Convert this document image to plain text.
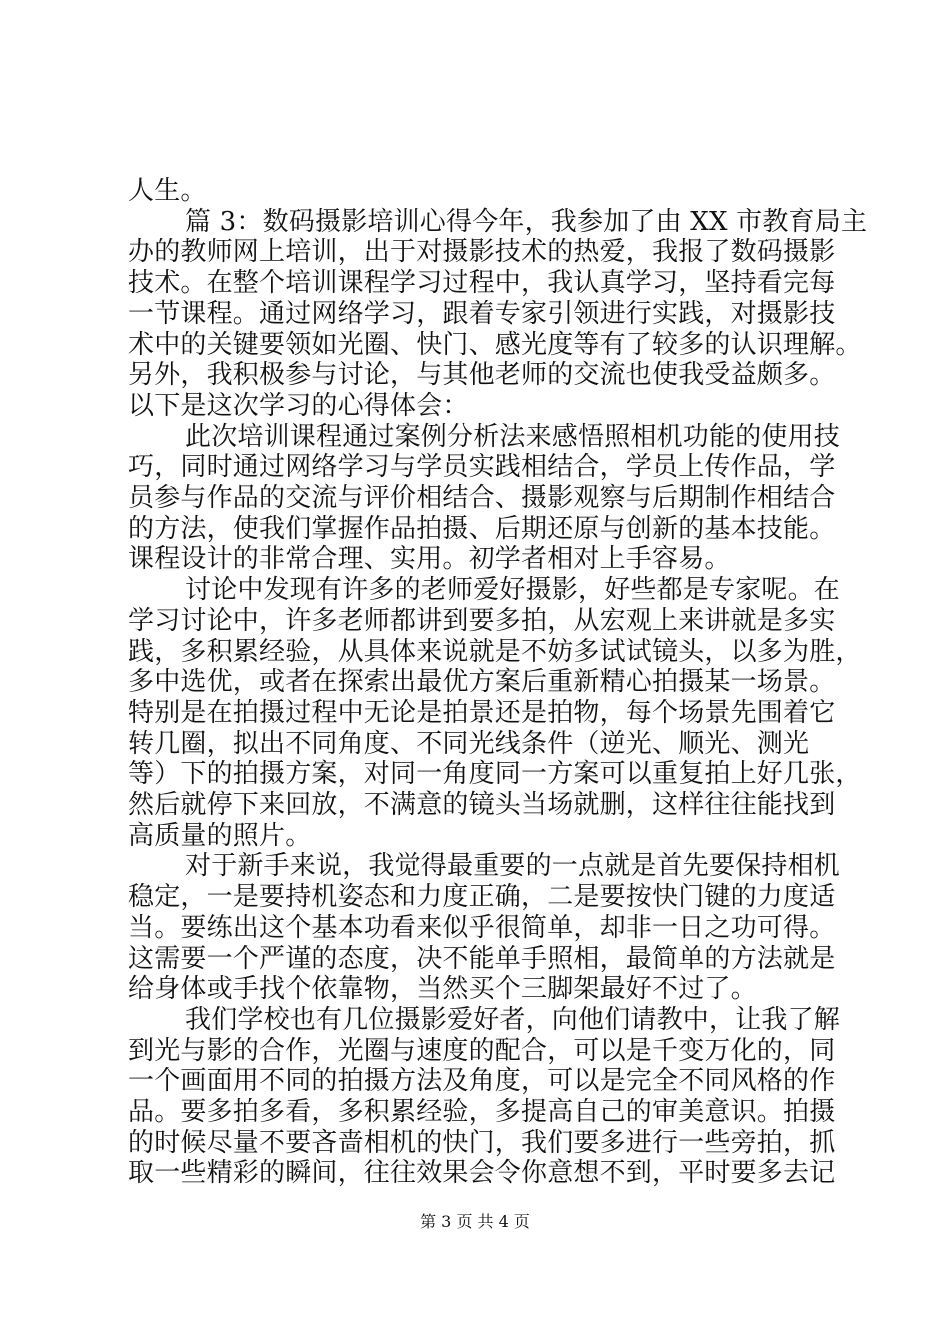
人生。
篇 3：数码摄影培训心得今年，我参加了由 XX 市教育局主
办的教师网上培训，出于对摄影技术的热爱，我报了数码摄影
技术。在整个培训课程学习过程中，我认真学习，坚持看完每
一节课程。通过网络学习，跟着专家引领进行实践，对摄影技
术中的关键要领如光圈、快门、感光度等有了较多的认识理解。
另外，我积极参与讨论，与其他老师的交流也使我受益颇多。
以下是这次学习的心得体会：
此次培训课程通过案例分析法来感悟照相机功能的使用技
巧，同时通过网络学习与学员实践相结合，学员上传作品，学
员参与作品的交流与评价相结合、摄影观察与后期制作相结合
的方法，使我们掌握作品拍摄、后期还原与创新的基本技能。
课程设计的非常合理、实用。初学者相对上手容易。
讨论中发现有许多的老师爱好摄影，好些都是专家呢。在
学习讨论中，许多老师都讲到要多拍，从宏观上来讲就是多实
践，多积累经验，从具体来说就是不妨多试试镜头，以多为胜，
多中选优，或者在探索出最优方案后重新精心拍摄某一场景。
特别是在拍摄过程中无论是拍景还是拍物，每个场景先围着它
转几圈，拟出不同角度、不同光线条件（逆光、顺光、测光
等）下的拍摄方案，对同一角度同一方案可以重复拍上好几张，
然后就停下来回放，不满意的镜头当场就删，这样往往能找到
高质量的照片。
对于新手来说，我觉得最重要的一点就是首先要保持相机
稳定，一是要持机姿态和力度正确，二是要按快门键的力度适
当。要练出这个基本功看来似乎很简单，却非一日之功可得。
这需要一个严谨的态度，决不能单手照相，最简单的方法就是
给身体或手找个依靠物，当然买个三脚架最好不过了。
我们学校也有几位摄影爱好者，向他们请教中，让我了解
到光与影的合作，光圈与速度的配合，可以是千变万化的，同
一个画面用不同的拍摄方法及角度，可以是完全不同风格的作
品。要多拍多看，多积累经验，多提高自己的审美意识。拍摄
的时候尽量不要吝啬相机的快门，我们要多进行一些旁拍，抓
取一些精彩的瞬间，往往效果会令你意想不到，平时要多去记
第 3 页 共 4 页
